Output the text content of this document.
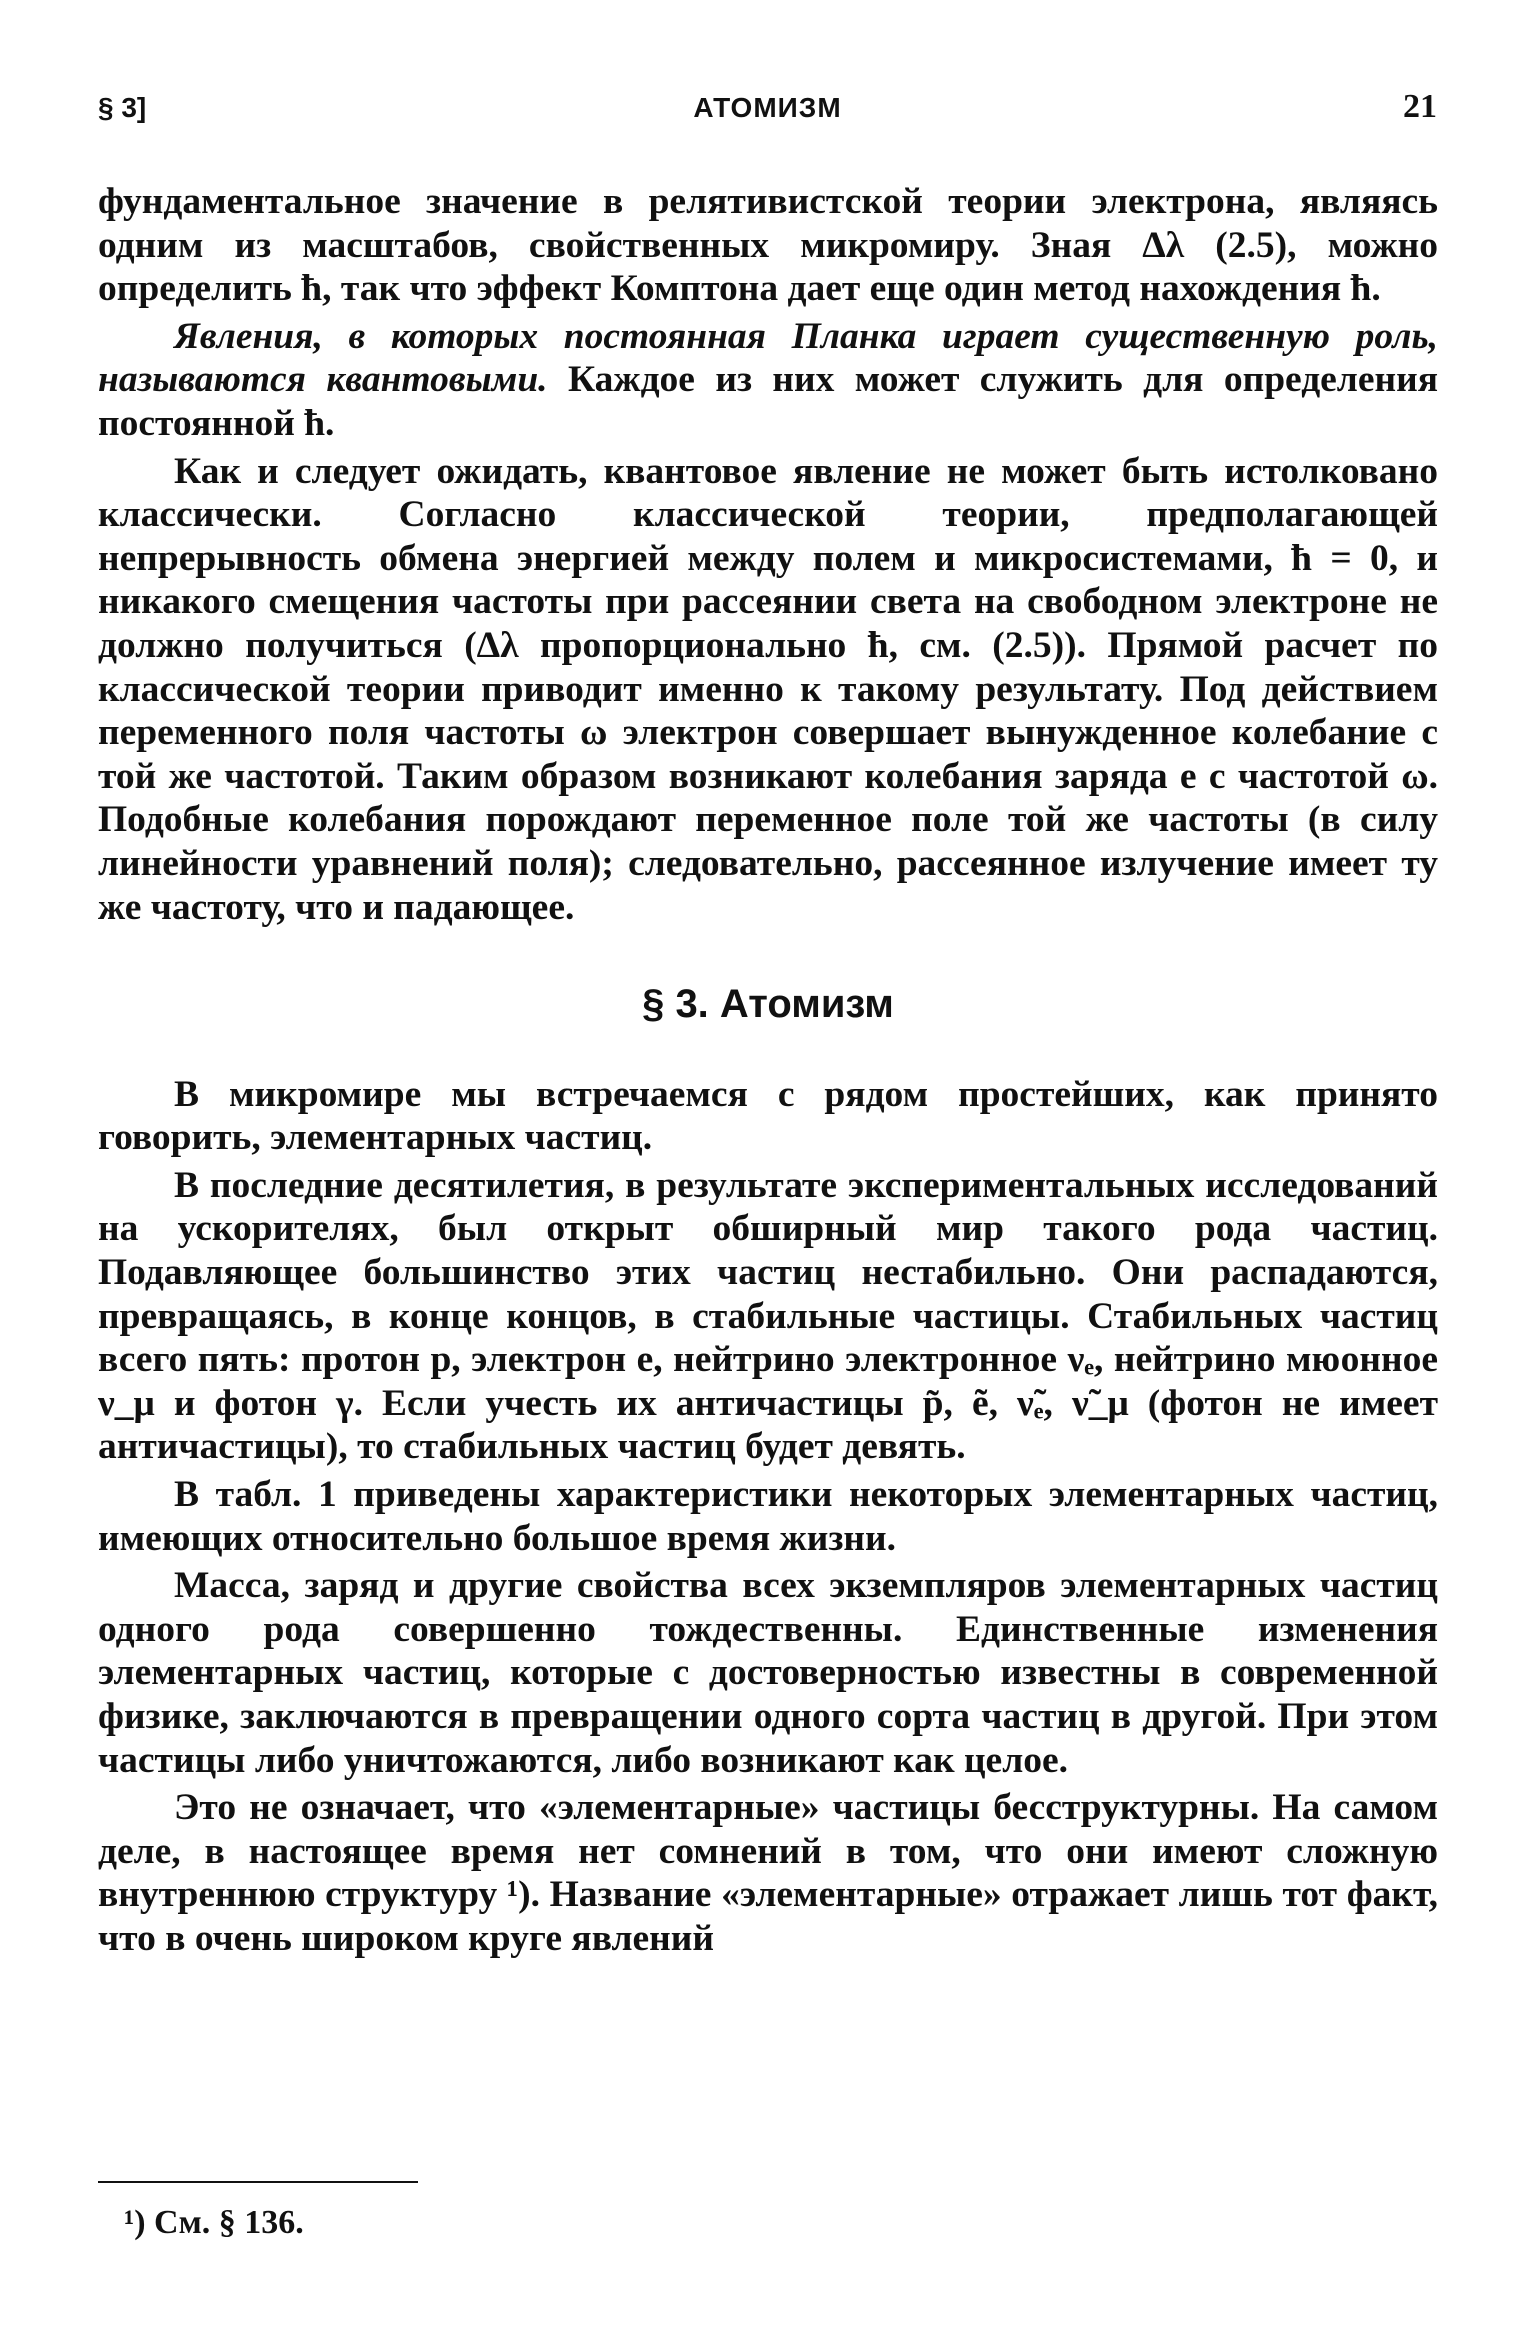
§ 3]	АТОМИЗМ	21

фундаментальное значение в релятивистской теории электрона, являясь одним из масштабов, свойственных микромиру. Зная Δλ (2.5), можно определить ħ, так что эффект Комптона дает еще один метод нахождения ħ.

Явления, в которых постоянная Планка играет существенную роль, называются квантовыми. Каждое из них может служить для определения постоянной ħ.

Как и следует ожидать, квантовое явление не может быть истолковано классически. Согласно классической теории, предполагающей непрерывность обмена энергией между полем и микросистемами, ħ = 0, и никакого смещения частоты при рассеянии света на свободном электроне не должно получиться (Δλ пропорционально ħ, см. (2.5)). Прямой расчет по классической теории приводит именно к такому результату. Под действием переменного поля частоты ω электрон совершает вынужденное колебание с той же частотой. Таким образом возникают колебания заряда e с частотой ω. Подобные колебания порождают переменное поле той же частоты (в силу линейности уравнений поля); следовательно, рассеянное излучение имеет ту же частоту, что и падающее.

§ 3. Атомизм

В микромире мы встречаемся с рядом простейших, как принято говорить, элементарных частиц.

В последние десятилетия, в результате экспериментальных исследований на ускорителях, был открыт обширный мир такого рода частиц. Подавляющее большинство этих частиц нестабильно. Они распадаются, превращаясь, в конце концов, в стабильные частицы. Стабильных частиц всего пять: протон p, электрон e, нейтрино электронное νₑ, нейтрино мюонное ν_μ и фотон γ. Если учесть их античастицы p̃, ẽ, ν̃ₑ, ν̃_μ (фотон не имеет античастицы), то стабильных частиц будет девять.

В табл. 1 приведены характеристики некоторых элементарных частиц, имеющих относительно большое время жизни.

Масса, заряд и другие свойства всех экземпляров элементарных частиц одного рода совершенно тождественны. Единственные изменения элементарных частиц, которые с достоверностью известны в современной физике, заключаются в превращении одного сорта частиц в другой. При этом частицы либо уничтожаются, либо возникают как целое.

Это не означает, что «элементарные» частицы бесструктурны. На самом деле, в настоящее время нет сомнений в том, что они имеют сложную внутреннюю структуру ¹). Название «элементарные» отражает лишь тот факт, что в очень широком круге явлений

¹) См. § 136.
